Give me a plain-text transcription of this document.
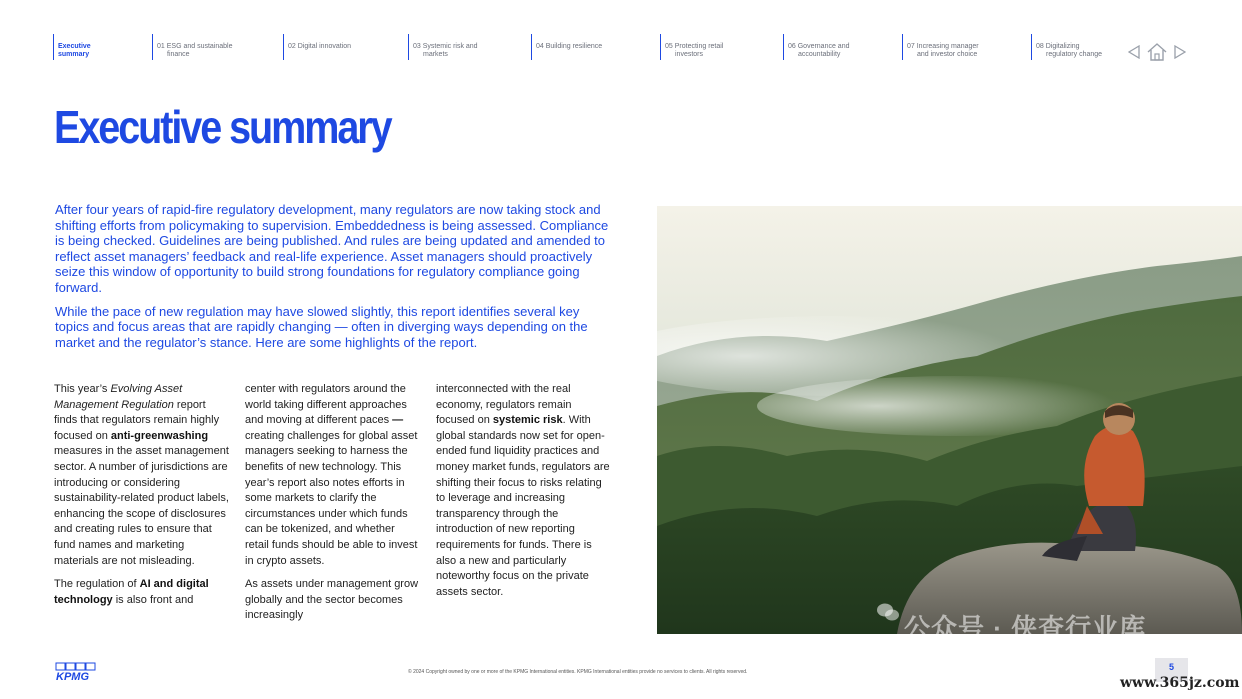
Executive
summary
01 ESG and sustainable
finance
02 Digital innovation	03 Systemic risk and
markets
04 Building resilience	05 Protecting retail
investors
06 Governance and
accountability
07 Increasing manager
and investor choice
08 Digitalizing
regulatory change
Executive summary

After four years of rapid-fire regulatory development, many regulators are now taking stock and shifting efforts from policymaking to supervision. Embeddedness is being assessed. Compliance is being checked. Guidelines are being published. And rules are being updated and amended to reflect asset managers’ feedback and real-life experience. Asset managers should proactively seize this window of opportunity to build strong foundations for regulatory compliance going forward.

While the pace of new regulation may have slowed slightly, this report identifies several key topics and focus areas that are rapidly changing — often in diverging ways depending on the market and the regulator’s stance. Here are some highlights of the report.

This year’s Evolving Asset Management Regulation report finds that regulators remain highly focused on anti-greenwashing measures in the asset management sector. A number of jurisdictions are introducing or considering sustainability-related product labels, enhancing the scope of disclosures and creating rules to ensure that fund names and marketing materials are not misleading.

The regulation of AI and digital technology is also front and

center with regulators around the world taking different approaches and moving at different paces — creating challenges for global asset managers seeking to harness the benefits of new technology. This year’s report also notes efforts in some markets to clarify the circumstances under which funds can be tokenized, and whether retail funds should be able to invest in crypto assets.

As assets under management grow globally and the sector becomes increasingly

interconnected with the real economy, regulators remain focused on systemic risk. With global standards now set for open-ended fund liquidity practices and money market funds, regulators are shifting their focus to risks relating to leverage and increasing transparency through the introduction of new reporting requirements for funds. There is also a new and particularly noteworthy focus on the private assets sector.

公众号 · 侠查行业库
KPMG	© 2024 Copyright owned by one or more of the KPMG International entities. KPMG International entities provide no services to clients. All rights reserved.	5
www.365jz.com
